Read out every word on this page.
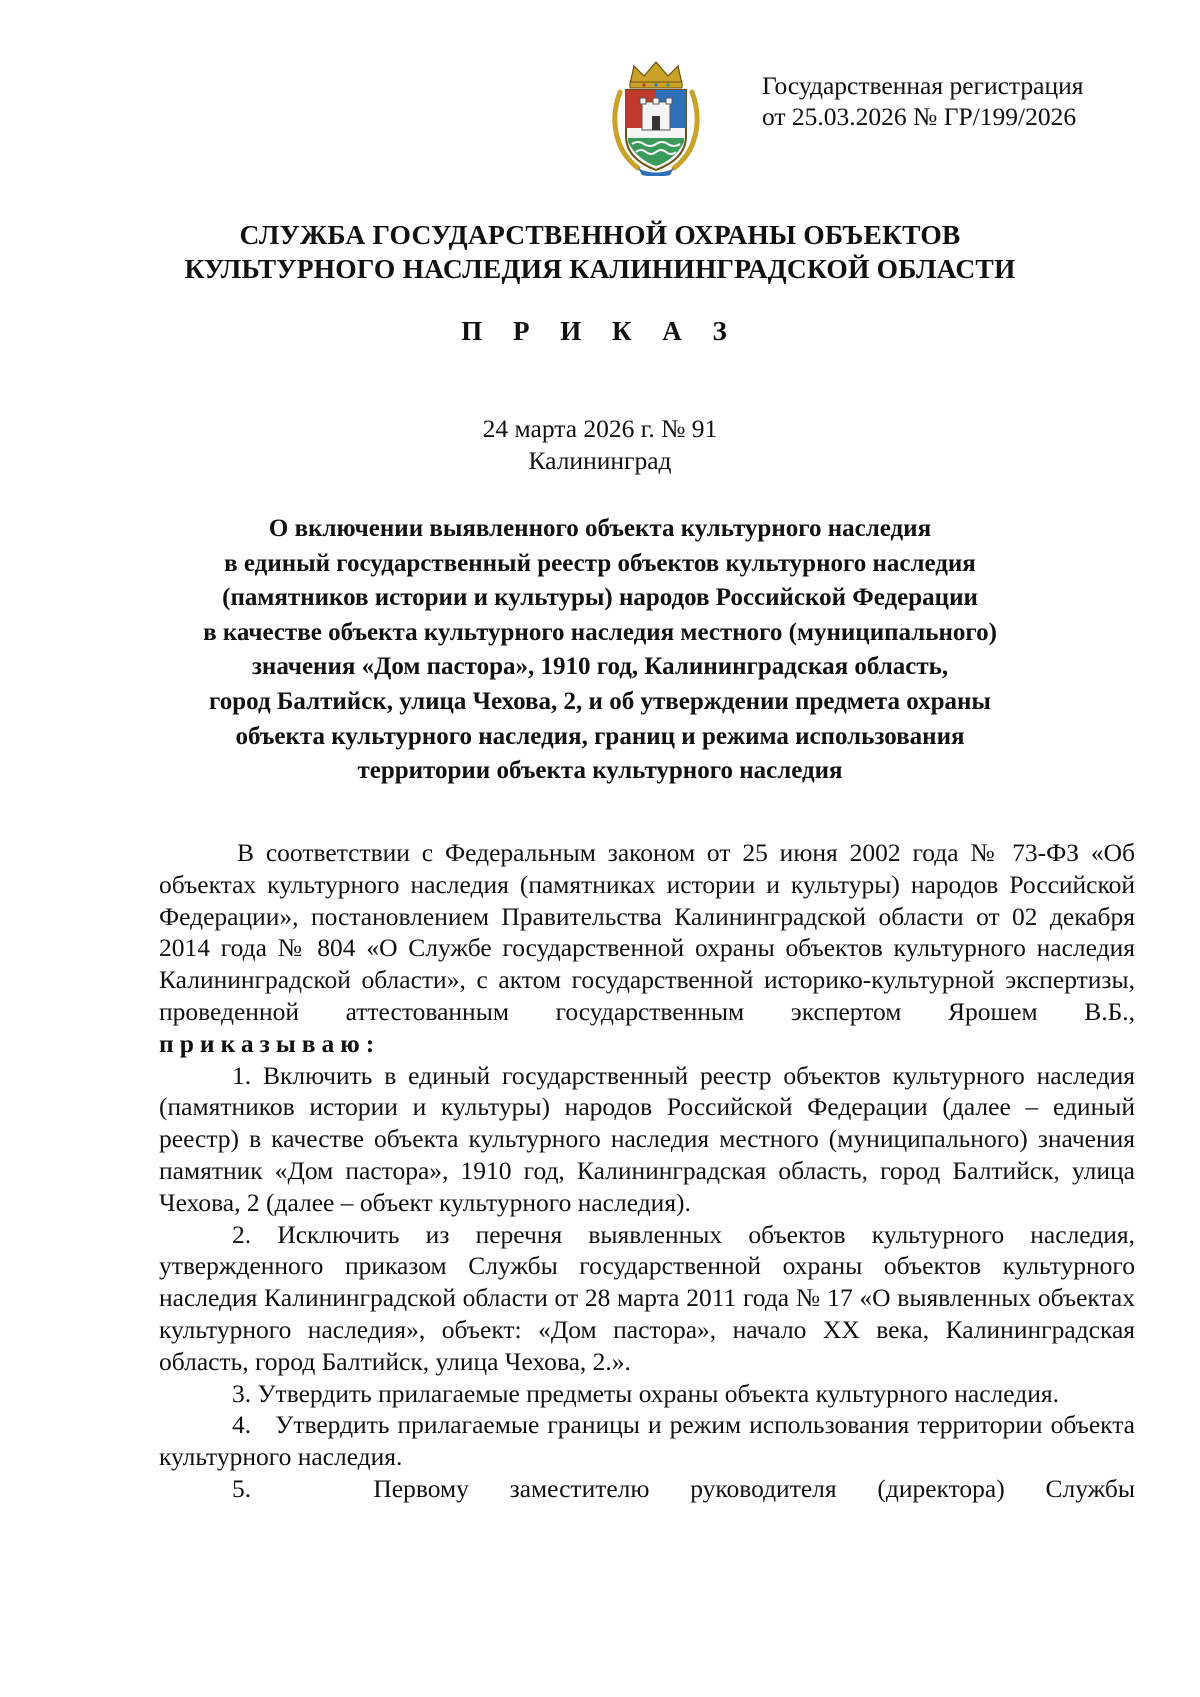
Государственная регистрация
от 25.03.2026 № ГР/199/2026
СЛУЖБА ГОСУДАРСТВЕННОЙ ОХРАНЫ ОБЪЕКТОВ
КУЛЬТУРНОГО НАСЛЕДИЯ КАЛИНИНГРАДСКОЙ ОБЛАСТИ
П Р И К А З
24 марта 2026 г. № 91
Калининград
О включении выявленного объекта культурного наследия
в единый государственный реестр объектов культурного наследия
(памятников истории и культуры) народов Российской Федерации
в качестве объекта культурного наследия местного (муниципального)
значения «Дом пастора», 1910 год, Калининградская область,
город Балтийск, улица Чехова, 2, и об утверждении предмета охраны
объекта культурного наследия, границ и режима использования
территории объекта культурного наследия

В соответствии с Федеральным законом от 25 июня 2002 года № 73-ФЗ «Об объектах культурного наследия (памятниках истории и культуры) народов Российской Федерации», постановлением Правительства Калининградской области от 02 декабря 2014 года № 804 «О Службе государственной охраны объектов культурного наследия Калининградской области», с актом государственной историко-культурной экспертизы, проведенной аттестованным государственным экспертом Ярошем В.Б., приказываю:

1. Включить в единый государственный реестр объектов культурного наследия (памятников истории и культуры) народов Российской Федерации (далее – единый реестр) в качестве объекта культурного наследия местного (муниципального) значения памятник «Дом пастора», 1910 год, Калининградская область, город Балтийск, улица Чехова, 2 (далее – объект культурного наследия).

2. Исключить из перечня выявленных объектов культурного наследия, утвержденного приказом Службы государственной охраны объектов культурного наследия Калининградской области от 28 марта 2011 года № 17 «О выявленных объектах культурного наследия», объект: «Дом пастора», начало XX века, Калининградская область, город Балтийск, улица Чехова, 2.».

3. Утвердить прилагаемые предметы охраны объекта культурного наследия.

4. Утвердить прилагаемые границы и режим использования территории объекта культурного наследия.

5.	Первому заместителю руководителя (директора) Службы
